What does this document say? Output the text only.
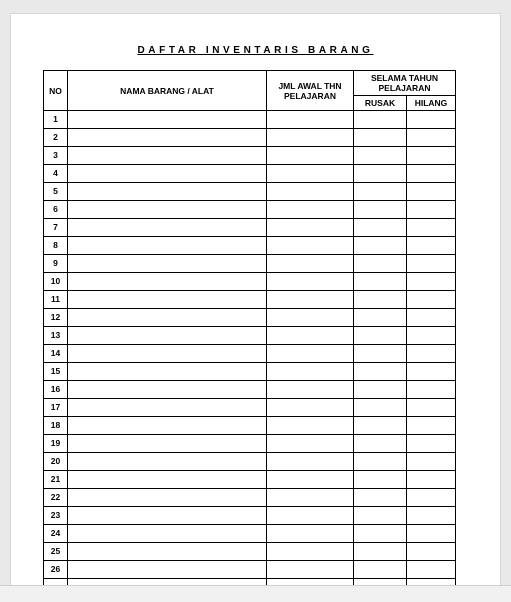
DAFTAR INVENTARIS BARANG
NO	NAMA BARANG / ALAT	JML AWAL THN PELAJARAN	SELAMA TAHUN PELAJARAN	
			RUSAK	HILANG
1				
2				
3				
4				
5				
6				
7				
8				
9				
10				
11				
12				
13				
14				
15				
16				
17				
18				
19				
20				
21				
22				
23				
24				
25				
26				
